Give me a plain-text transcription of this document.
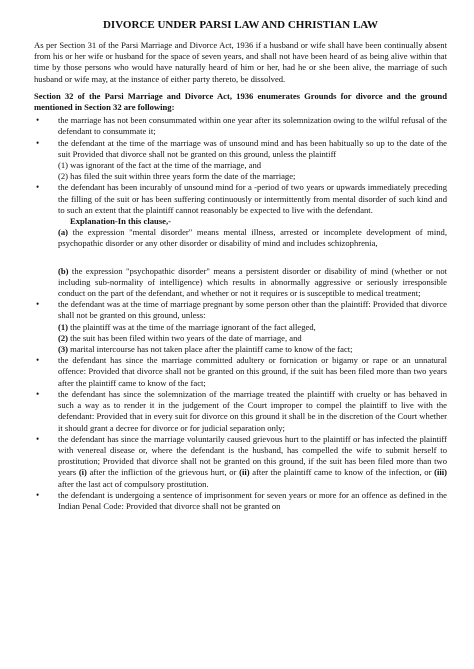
DIVORCE UNDER PARSI LAW AND CHRISTIAN LAW

As per Section 31 of the Parsi Marriage and Divorce Act, 1936 if a husband or wife shall have been continually absent from his or her wife or husband for the space of seven years, and shall not have been heard of as being alive within that time by those persons who would have naturally heard of him or her, had he or she been alive, the marriage of such husband or wife may, at the instance of either party thereto, be dissolved.

Section 32 of the Parsi Marriage and Divorce Act, 1936 enumerates Grounds for divorce and the ground mentioned in Section 32 are following:

• the marriage has not been consummated within one year after its solemnization owing to the wilful refusal of the defendant to consummate it;
• the defendant at the time of the marriage was of unsound mind and has been habitually so up to the date of the suit Provided that divorce shall not be granted on this ground, unless the plaintiff

(1) was ignorant of the fact at the time of the marriage, and

(2) has filed the suit within three years form the date of the marriage;

• the defendant has been incurably of unsound mind for a -period of two years or upwards immediately preceding the filling of the suit or has been suffering continuously or intermittently from mental disorder of such kind and to such an extent that the plaintiff cannot reasonably be expected to live with the defendant.

Explanation-In this clause,-

(a) the expression "mental disorder" means mental illness, arrested or incomplete development of mind, psychopathic disorder or any other disorder or disability of mind and includes schizophrenia,

(b) the expression "psychopathic disorder" means a persistent disorder or disability of mind (whether or not including sub-normality of intelligence) which results in abnormally aggressive or seriously irresponsible conduct on the part of the defendant, and whether or not it requires or is susceptible to medical treatment;

• the defendant was at the time of marriage pregnant by some person other than the plaintiff: Provided that divorce shall not be granted on this ground, unless:

(1) the plaintiff was at the time of the marriage ignorant of the fact alleged,

(2) the suit has been filed within two years of the date of marriage, and

(3) marital intercourse has not taken place after the plaintiff came to know of the fact;

• the defendant has since the marriage committed adultery or fornication or bigamy or rape or an unnatural offence: Provided that divorce shall not be granted on this ground, if the suit has been filed more than two years after the plaintiff came to know of the fact;
• the defendant has since the solemnization of the marriage treated the plaintiff with cruelty or has behaved in such a way as to render it in the judgement of the Court improper to compel the plaintiff to live with the defendant: Provided that in every suit for divorce on this ground it shall be in the discretion of the Court whether it should grant a decree for divorce or for judicial separation only;
• the defendant has since the marriage voluntarily caused grievous hurt to the plaintiff or has infected the plaintiff with venereal disease or, where the defendant is the husband, has compelled the wife to submit herself to prostitution; Provided that divorce shall not be granted on this ground, if the suit has been filed more than two years (i) after the infliction of the grievous hurt, or (ii) after the plaintiff came to know of the infection, or (iii) after the last act of compulsory prostitution.
• the defendant is undergoing a sentence of imprisonment for seven years or more for an offence as defined in the Indian Penal Code: Provided that divorce shall not be granted on
